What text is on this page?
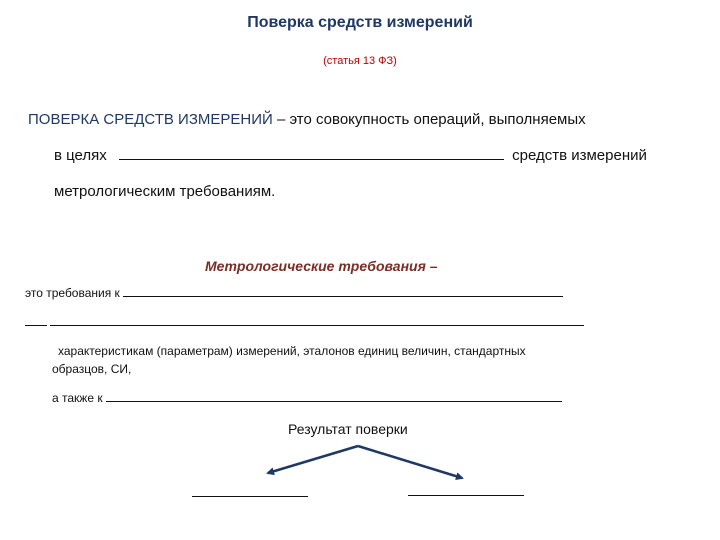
Поверка средств измерений
(статья 13 ФЗ)
ПОВЕРКА СРЕДСТВ ИЗМЕРЕНИЙ – это совокупность операций, выполняемых
в целях	средств измерений
метрологическим требованиям.
Метрологические требования –
это требования к

характеристикам (параметрам) измерений, эталонов единиц величин, стандартных
образцов, СИ,
а также к
Результат поверки
